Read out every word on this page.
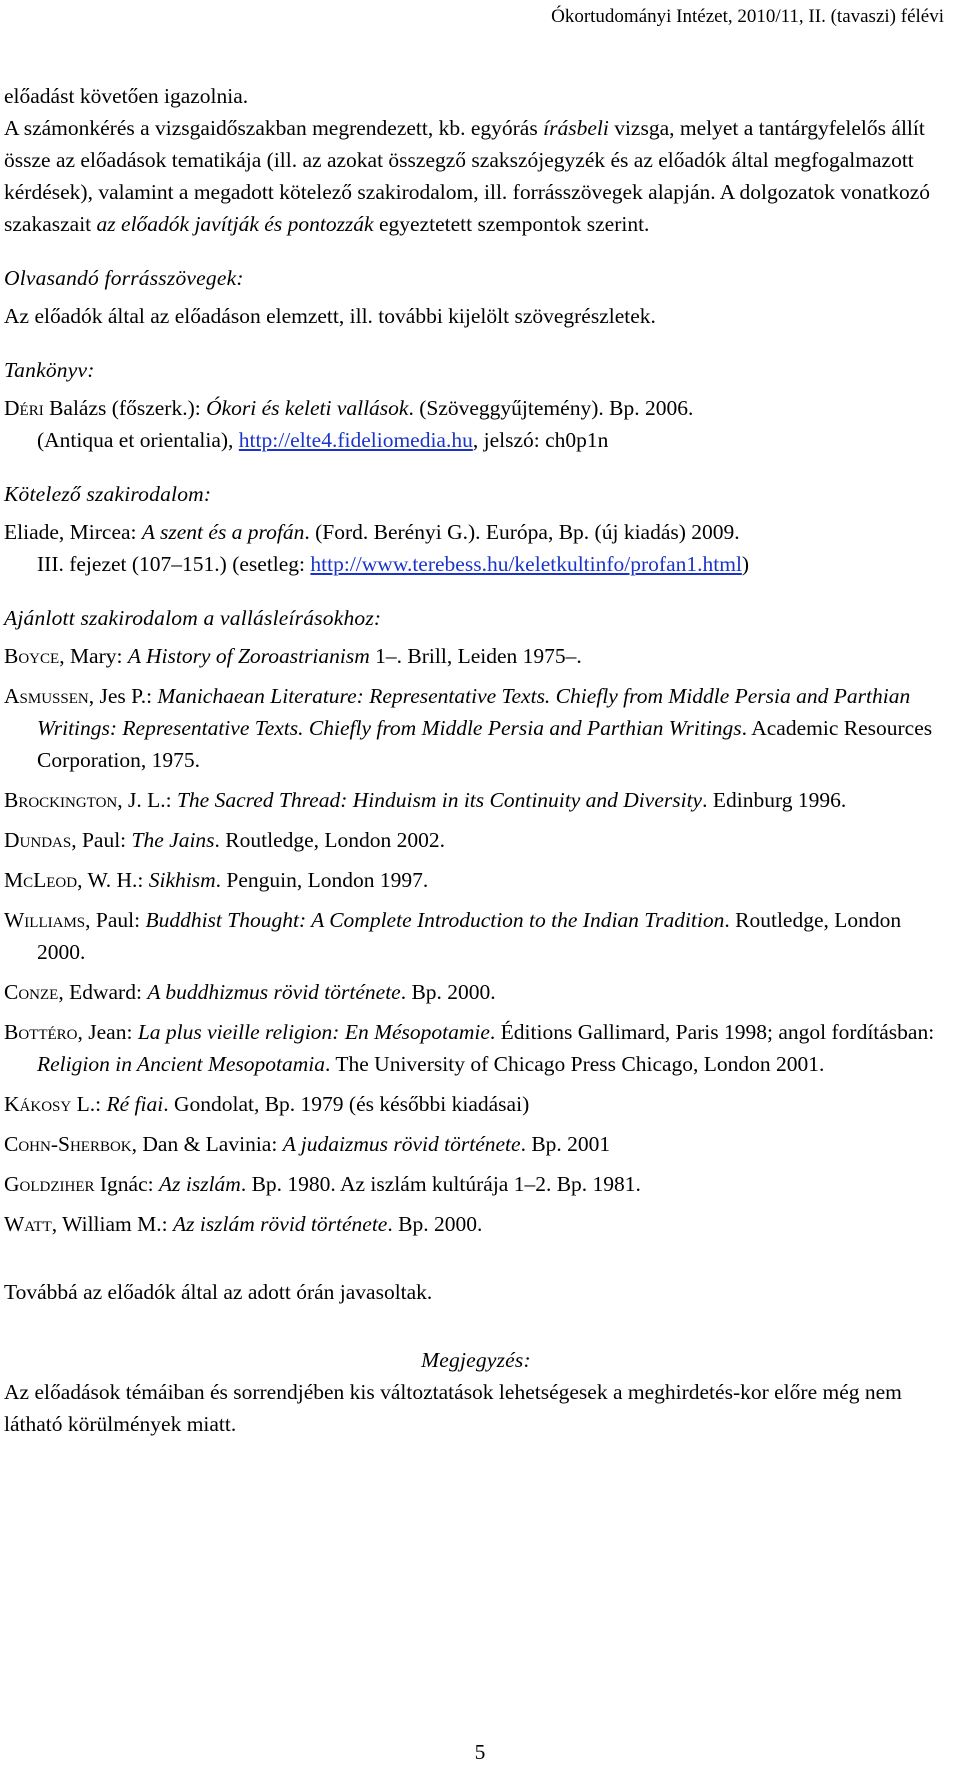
Ókortudományi Intézet, 2010/11, II. (tavaszi) félévi

előadást követően igazolnia.

A számonkérés a vizsgaidőszakban megrendezett, kb. egyórás írásbeli vizsga, melyet a tantárgyfelelős állít össze az előadások tematikája (ill. az azokat összegző szakszójegyzék és az előadók által megfogalmazott kérdések), valamint a megadott kötelező szakirodalom, ill. forrásszövegek alapján. A dolgozatok vonatkozó szakaszait az előadók javítják és pontozzák egyeztetett szempontok szerint.

Olvasandó forrásszövegek:

Az előadók által az előadáson elemzett, ill. további kijelölt szövegrészletek.

Tankönyv:

Déri Balázs (főszerk.): Ókori és keleti vallások. (Szöveggyűjtemény). Bp. 2006.

(Antiqua et orientalia), http://elte4.fideliomedia.hu, jelszó: ch0p1n

Kötelező szakirodalom:

Eliade, Mircea: A szent és a profán. (Ford. Berényi G.). Európa, Bp. (új kiadás) 2009.

III. fejezet (107–151.) (esetleg: http://www.terebess.hu/keletkultinfo/profan1.html)

Ajánlott szakirodalom a vallásleírásokhoz:

Boyce, Mary: A History of Zoroastrianism 1–. Brill, Leiden 1975–.

Asmussen, Jes P.: Manichaean Literature: Representative Texts. Chiefly from Middle Persia and Parthian Writings: Representative Texts. Chiefly from Middle Persia and Parthian Writings. Academic Resources Corporation, 1975.

Brockington, J. L.: The Sacred Thread: Hinduism in its Continuity and Diversity. Edinburg 1996.

Dundas, Paul: The Jains. Routledge, London 2002.

McLeod, W. H.: Sikhism. Penguin, London 1997.

Williams, Paul: Buddhist Thought: A Complete Introduction to the Indian Tradition. Routledge, London 2000.

Conze, Edward: A buddhizmus rövid története. Bp. 2000.

Bottéro, Jean: La plus vieille religion: En Mésopotamie. Éditions Gallimard, Paris 1998; angol fordításban: Religion in Ancient Mesopotamia. The University of Chicago Press Chicago, London 2001.

Kákosy L.: Ré fiai. Gondolat, Bp. 1979 (és későbbi kiadásai)

Cohn-Sherbok, Dan & Lavinia: A judaizmus rövid története. Bp. 2001

Goldziher Ignác: Az iszlám. Bp. 1980. Az iszlám kultúrája 1–2. Bp. 1981.

Watt, William M.: Az iszlám rövid története. Bp. 2000.

Továbbá az előadók által az adott órán javasoltak.

Megjegyzés:

Az előadások témáiban és sorrendjében kis változtatások lehetségesek a meghirdetés-kor előre még nem látható körülmények miatt.

5
